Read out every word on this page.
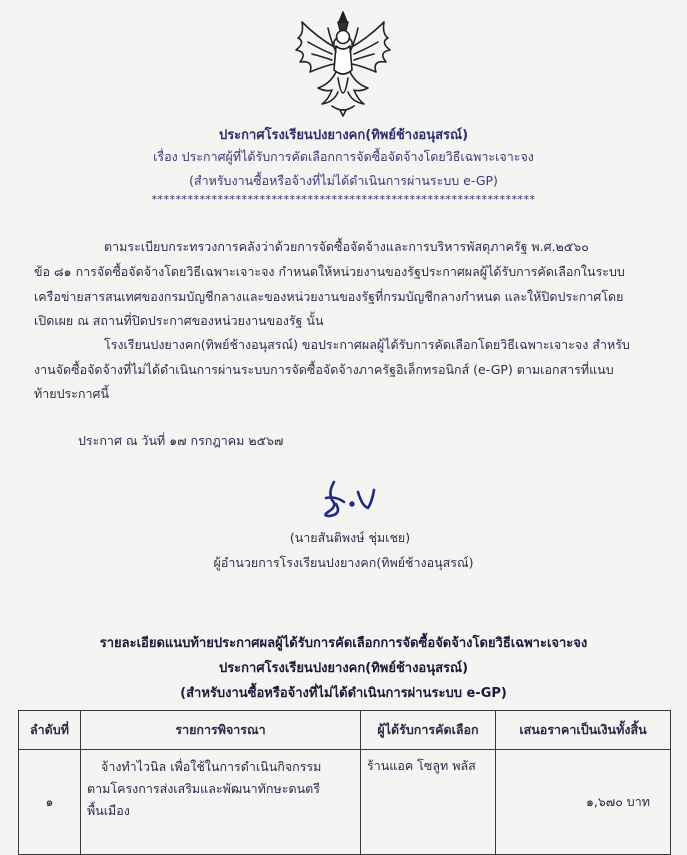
ประกาศโรงเรียนปงยางคก(ทิพย์ช้างอนุสรณ์)
เรื่อง ประกาศผู้ที่ได้รับการคัดเลือกการจัดซื้อจัดจ้างโดยวิธีเฉพาะเจาะจง
(สำหรับงานซื้อหรือจ้างที่ไม่ได้ดำเนินการผ่านระบบ e-GP)
****************************************************************
ตามระเบียบกระทรวงการคลังว่าด้วยการจัดซื้อจัดจ้างและการบริหารพัสดุภาครัฐ พ.ศ.๒๕๖๐
ข้อ ๘๑ การจัดซื้อจัดจ้างโดยวิธีเฉพาะเจาะจง กำหนดให้หน่วยงานของรัฐประกาศผลผู้ได้รับการคัดเลือกในระบบ
เครือข่ายสารสนเทศของกรมบัญชีกลางและของหน่วยงานของรัฐที่กรมบัญชีกลางกำหนด และให้ปิดประกาศโดย
เปิดเผย ณ สถานที่ปิดประกาศของหน่วยงานของรัฐ นั้น
โรงเรียนปงยางคก(ทิพย์ช้างอนุสรณ์) ขอประกาศผลผู้ได้รับการคัดเลือกโดยวิธีเฉพาะเจาะจง สำหรับ
งานจัดซื้อจัดจ้างที่ไม่ได้ดำเนินการผ่านระบบการจัดซื้อจัดจ้างภาครัฐอิเล็กทรอนิกส์ (e-GP) ตามเอกสารที่แนบ
ท้ายประกาศนี้
ประกาศ ณ วันที่ ๑๗ กรกฎาคม ๒๕๖๗
(นายสันติพงษ์ ชุ่มเชย)
ผู้อำนวยการโรงเรียนปงยางคก(ทิพย์ช้างอนุสรณ์)
รายละเอียดแนบท้ายประกาศผลผู้ได้รับการคัดเลือกการจัดซื้อจัดจ้างโดยวิธีเฉพาะเจาะจง
ประกาศโรงเรียนปงยางคก(ทิพย์ช้างอนุสรณ์)
(สำหรับงานซื้อหรือจ้างที่ไม่ได้ดำเนินการผ่านระบบ e-GP)
ลำดับที่	รายการพิจารณา	ผู้ได้รับการคัดเลือก	เสนอราคาเป็นเงินทั้งสิ้น
๑	จ้างทำไวนิล เพื่อใช้ในการดำเนินกิจกรรม
ตามโครงการส่งเสริมและพัฒนาทักษะดนตรี
พื้นเมือง	ร้านแอค โซลูท พลัส	๑,๖๗๐ บาท
